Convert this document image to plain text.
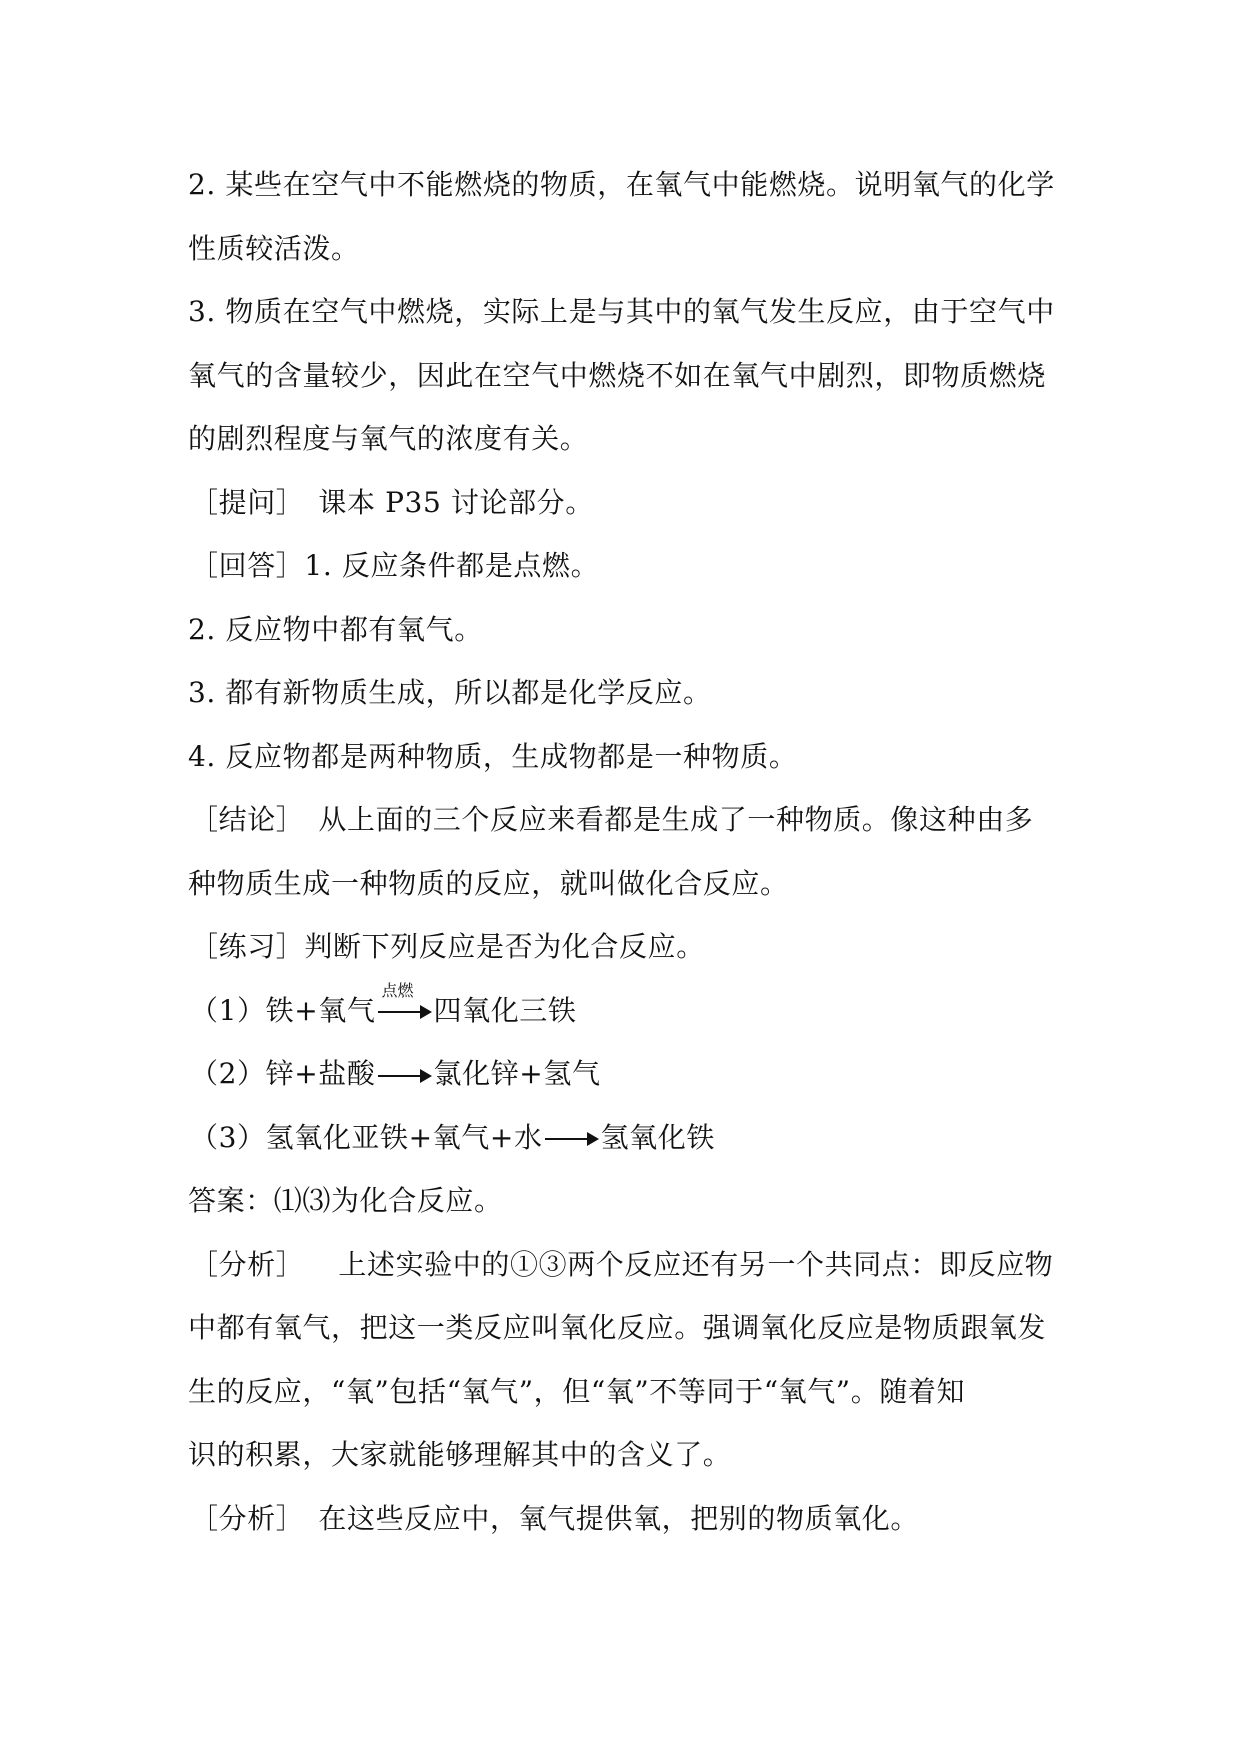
2. 某些在空气中不能燃烧的物质，在氧气中能燃烧。说明氧气的化学
性质较活泼。
3. 物质在空气中燃烧，实际上是与其中的氧气发生反应，由于空气中
氧气的含量较少，因此在空气中燃烧不如在氧气中剧烈，即物质燃烧
的剧烈程度与氧气的浓度有关。
［提问］ 课本 P35 讨论部分。
［回答］1. 反应条件都是点燃。
2. 反应物中都有氧气。
3. 都有新物质生成，所以都是化学反应。
4. 反应物都是两种物质，生成物都是一种物质。
［结论］ 从上面的三个反应来看都是生成了一种物质。像这种由多
种物质生成一种物质的反应，就叫做化合反应。
［练习］判断下列反应是否为化合反应。
（1）铁+氧气
点燃
四氧化三铁
（2）锌+盐酸 氯化锌+氢气
（3）氢氧化亚铁+氧气+水 氢氧化铁
答案：⑴⑶为化合反应。
［分析］ 上述实验中的①③两个反应还有另一个共同点：即反应物
中都有氧气，把这一类反应叫氧化反应。强调氧化反应是物质跟氧发
生的反应，“氧”包括“氧气”，但“氧”不等同于“氧气”。随着知
识的积累，大家就能够理解其中的含义了。
［分析］ 在这些反应中，氧气提供氧，把别的物质氧化。
